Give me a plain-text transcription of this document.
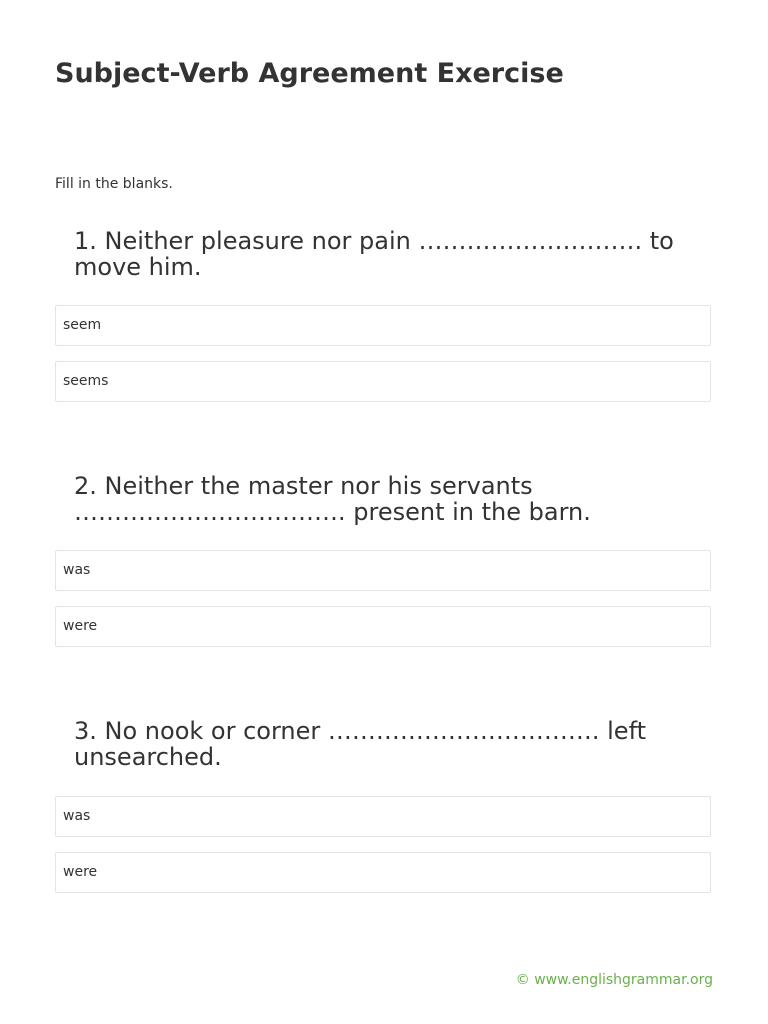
Subject-Verb Agreement Exercise

Fill in the blanks.

1. Neither pleasure nor pain ………………………. to move him.

seem
seems

2. Neither the master nor his servants ……………………………. present in the barn.

was
were

3. No nook or corner ……………………………. left unsearched.

was
were
© www.englishgrammar.org
